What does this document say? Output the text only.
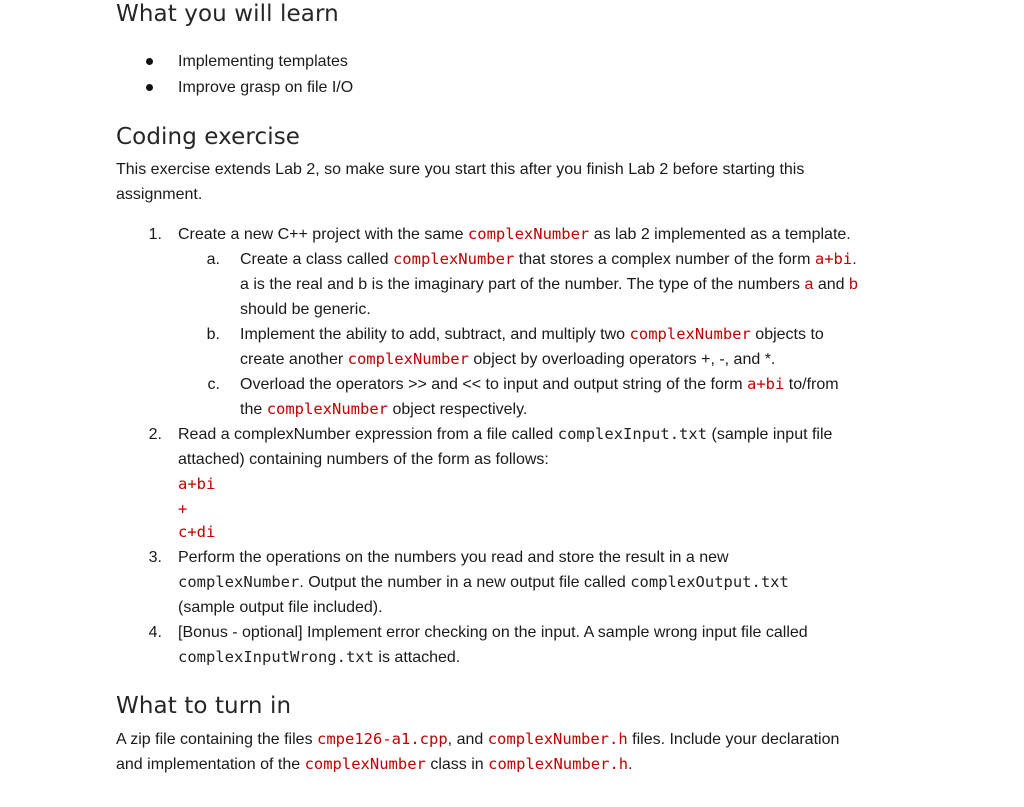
What you will learn

Implementing templates

Improve grasp on file I/O

Coding exercise

This exercise extends Lab 2, so make sure you start this after you finish Lab 2 before starting this

assignment.

1. Create a new C++ project with the same complexNumber as lab 2 implemented as a template.

a. Create a class called complexNumber that stores a complex number of the form a+bi.

a is the real and b is the imaginary part of the number. The type of the numbers a and b

should be generic.

b. Implement the ability to add, subtract, and multiply two complexNumber objects to

create another complexNumber object by overloading operators +, -, and *.

c. Overload the operators >> and << to input and output string of the form a+bi to/from

the complexNumber object respectively.

2. Read a complexNumber expression from a file called complexInput.txt (sample input file

attached) containing numbers of the form as follows:

a+bi

+

c+di

3. Perform the operations on the numbers you read and store the result in a new

complexNumber. Output the number in a new output file called complexOutput.txt

(sample output file included).

4. [Bonus - optional] Implement error checking on the input. A sample wrong input file called

complexInputWrong.txt is attached.

What to turn in

A zip file containing the files cmpe126-a1.cpp, and complexNumber.h files. Include your declaration

and implementation of the complexNumber class in complexNumber.h.
